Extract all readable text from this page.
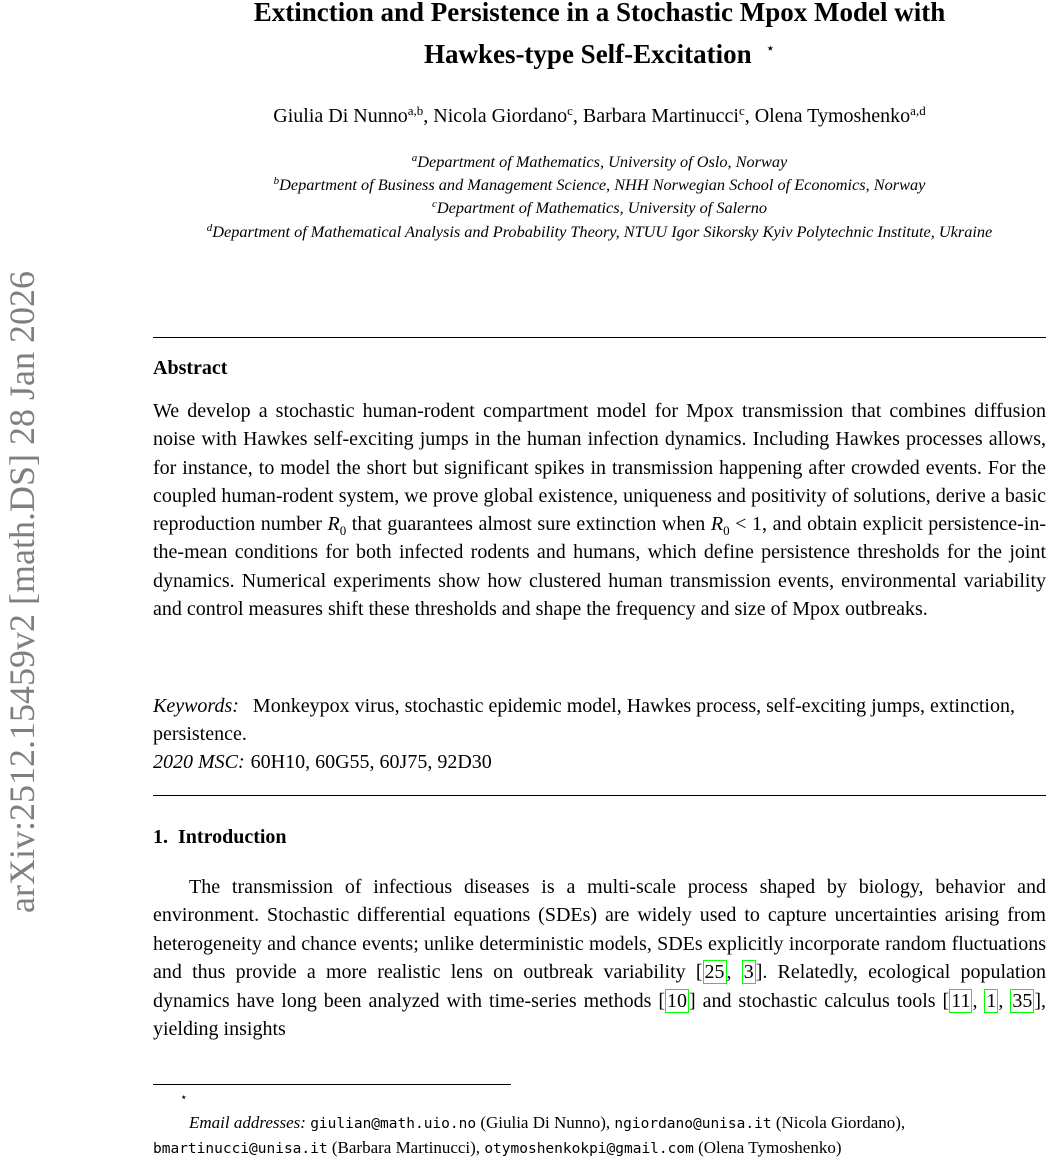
arXiv:2512.15459v2 [math.DS] 28 Jan 2026
Extinction and Persistence in a Stochastic Mpox Model with
Hawkes-type Self-Excitation ⋆
Giulia Di Nunno$^{a,b}$, Nicola Giordano$^c$, Barbara Martinucci$^c$, Olena Tymoshenko$^{a,d}$
$^a$Department of Mathematics, University of Oslo, Norway
$^b$Department of Business and Management Science, NHH Norwegian School of Economics, Norway
$^c$Department of Mathematics, University of Salerno
$^d$Department of Mathematical Analysis and Probability Theory, NTUU Igor Sikorsky Kyiv Polytechnic Institute, Ukraine
Abstract

We develop a stochastic human-rodent compartment model for Mpox transmission that combines diffusion noise with Hawkes self-exciting jumps in the human infection dynamics. Including Hawkes processes allows, for instance, to model the short but significant spikes in transmission happening after crowded events. For the coupled human-rodent system, we prove global existence, uniqueness and positivity of solutions, derive a basic reproduction number $R_0$ that guarantees almost sure extinction when $R_0 < 1$, and obtain explicit persistence-in-the-mean conditions for both infected rodents and humans, which define persistence thresholds for the joint dynamics. Numerical experiments show how clustered human transmission events, environmental variability and control measures shift these thresholds and shape the frequency and size of Mpox outbreaks.

Keywords: Monkeypox virus, stochastic epidemic model, Hawkes process, self-exciting jumps, extinction, persistence.

2020 MSC: 60H10, 60G55, 60J75, 92D30

1. Introduction

The transmission of infectious diseases is a multi-scale process shaped by biology, behavior and environment. Stochastic differential equations (SDEs) are widely used to capture uncertainties arising from heterogeneity and chance events; unlike deterministic models, SDEs explicitly incorporate random fluctuations and thus provide a more realistic lens on outbreak variability [ 25 , 3 ]. Relatedly, ecological population dynamics have long been analyzed with time-series methods [ 10 ] and stochastic calculus tools [ 11 , 1 , 35 ], yielding insights

⋆

Email addresses: giulian@math.uio.no (Giulia Di Nunno), ngiordano@unisa.it (Nicola Giordano), bmartinucci@unisa.it (Barbara Martinucci), otymoshenkokpi@gmail.com (Olena Tymoshenko)
